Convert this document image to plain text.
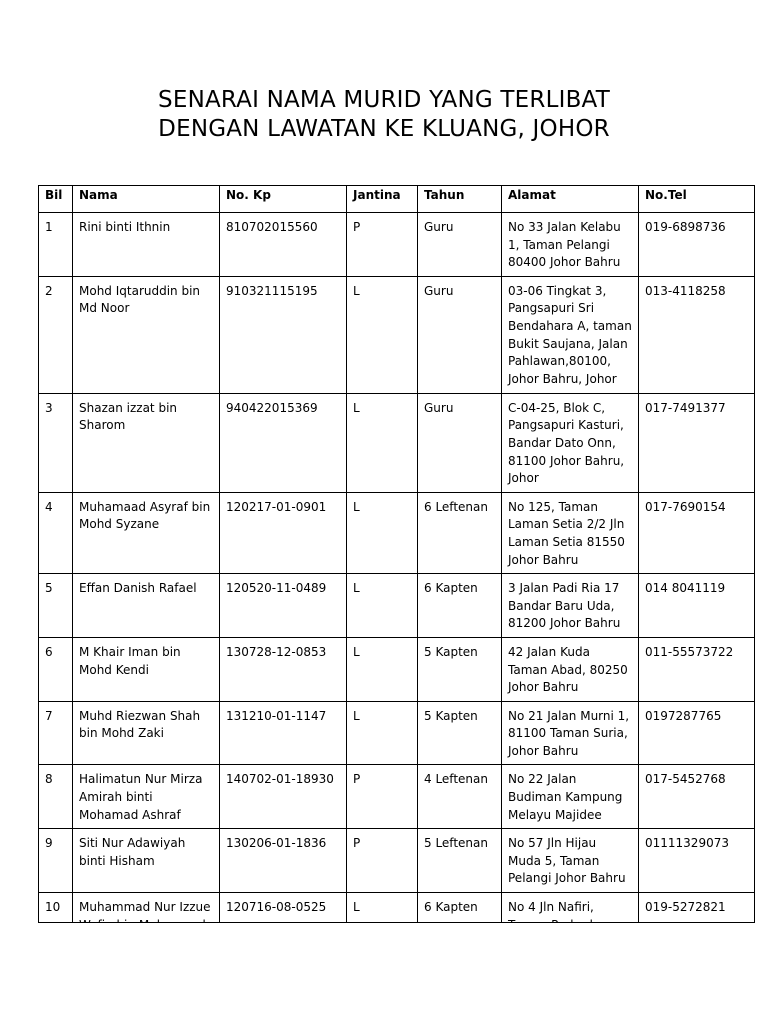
SENARAI NAMA MURID YANG TERLIBAT
DENGAN LAWATAN KE KLUANG, JOHOR
Bil	Nama	No. Kp	Jantina	Tahun	Alamat	No.Tel
1	Rini binti Ithnin	810702015560	P	Guru	No 33 Jalan Kelabu 1, Taman Pelangi 80400 Johor Bahru	019-6898736
2	Mohd Iqtaruddin bin Md Noor	910321115195	L	Guru	03-06 Tingkat 3, Pangsapuri Sri Bendahara A, taman Bukit Saujana, Jalan Pahlawan,80100, Johor Bahru, Johor	013-4118258
3	Shazan izzat bin Sharom	940422015369	L	Guru	C-04-25, Blok C, Pangsapuri Kasturi, Bandar Dato Onn, 81100 Johor Bahru, Johor	017-7491377
4	Muhamaad Asyraf bin Mohd Syzane	120217-01-0901	L	6 Leftenan	No 125, Taman Laman Setia 2/2 Jln Laman Setia 81550 Johor Bahru	017-7690154
5	Effan Danish Rafael	120520-11-0489	L	6 Kapten	3 Jalan Padi Ria 17 Bandar Baru Uda, 81200 Johor Bahru	014 8041119
6	M Khair Iman bin Mohd Kendi	130728-12-0853	L	5 Kapten	42 Jalan Kuda Taman Abad, 80250 Johor Bahru	011-55573722
7	Muhd Riezwan Shah bin Mohd Zaki	131210-01-1147	L	5 Kapten	No 21 Jalan Murni 1, 81100 Taman Suria, Johor Bahru	0197287765
8	Halimatun Nur Mirza Amirah binti Mohamad Ashraf	140702-01-18930	P	4 Leftenan	No 22 Jalan Budiman Kampung Melayu Majidee	017-5452768
9	Siti Nur Adawiyah binti Hisham	130206-01-1836	P	5 Leftenan	No 57 Jln Hijau Muda 5, Taman Pelangi Johor Bahru	01111329073
10	Muhammad Nur Izzue	120716-08-0525	L	6 Kapten	No 4 Jln Nafiri,	019-5272821
